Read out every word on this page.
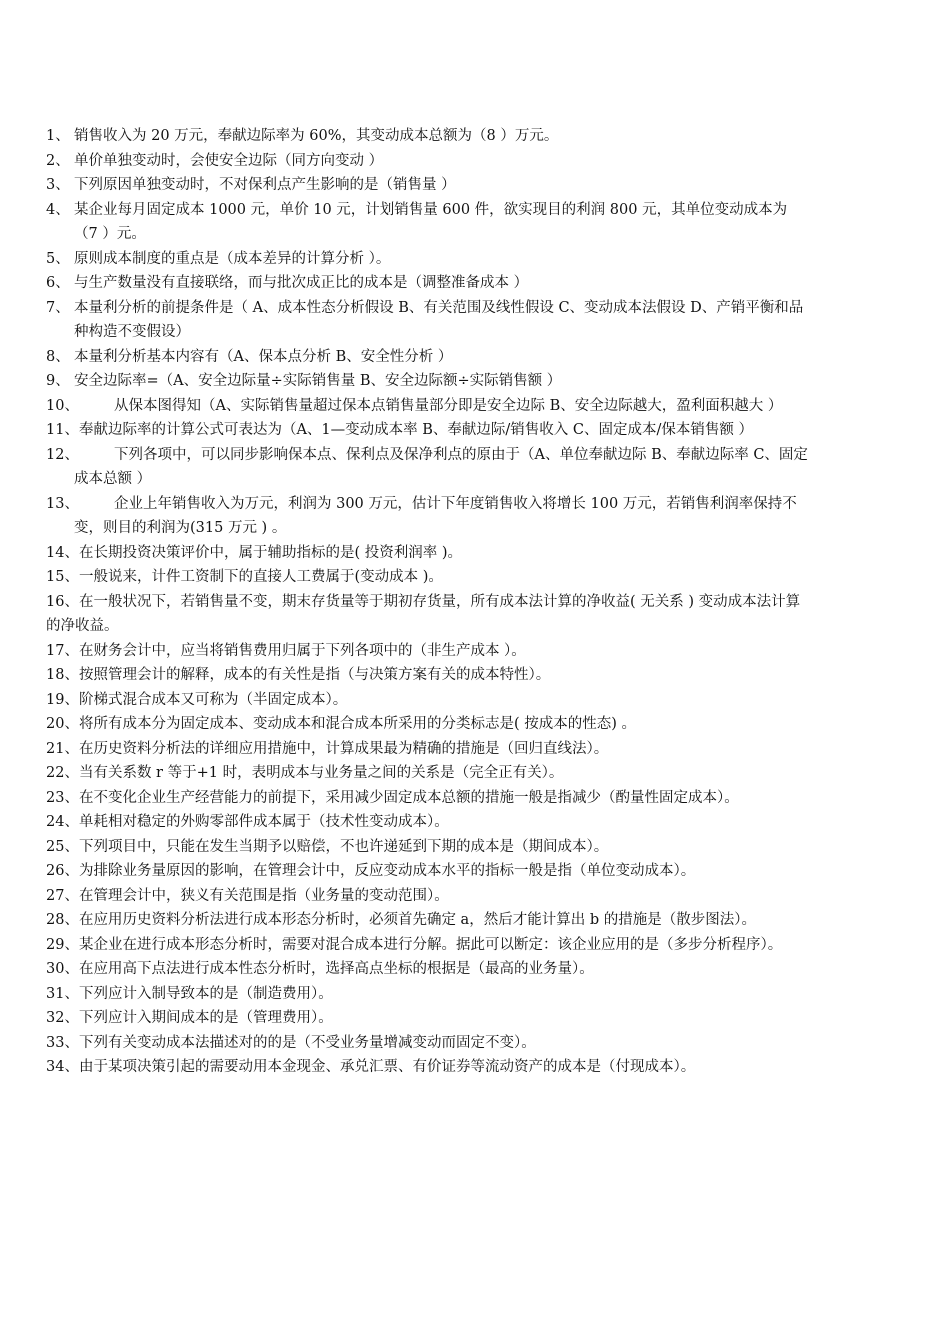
1、 销售收入为 20 万元，奉献边际率为 60%，其变动成本总额为（8 ）万元。

2、 单价单独变动时，会使安全边际（同方向变动 ）

3、 下列原因单独变动时，不对保利点产生影响的是（销售量 ）

4、 某企业每月固定成本 1000 元，单价 10 元，计划销售量 600 件，欲实现目的利润 800 元，其单位变动成本为（7 ）元。

5、 原则成本制度的重点是（成本差异的计算分析 ）。

6、 与生产数量没有直接联络，而与批次成正比的成本是（调整准备成本 ）

7、 本量利分析的前提条件是（ A、成本性态分析假设 B、有关范围及线性假设 C、变动成本法假设 D、产销平衡和品种构造不变假设）

8、 本量利分析基本内容有（A、保本点分析 B、安全性分析 ）

9、 安全边际率=（A、安全边际量÷实际销售量 B、安全边际额÷实际销售额 ）

10、 从保本图得知（A、实际销售量超过保本点销售量部分即是安全边际 B、安全边际越大，盈利面积越大 ）

11、奉献边际率的计算公式可表达为（A、1—变动成本率 B、奉献边际/销售收入 C、固定成本/保本销售额 ）

12、 下列各项中，可以同步影响保本点、保利点及保净利点的原由于（A、单位奉献边际 B、奉献边际率 C、固定成本总额 ）

13、 企业上年销售收入为万元，利润为 300 万元，估计下年度销售收入将增长 100 万元，若销售利润率保持不变，则目的利润为(315 万元 ) 。

14、在长期投资决策评价中，属于辅助指标的是( 投资利润率 )。

15、一般说来，计件工资制下的直接人工费属于(变动成本 )。

16、在一般状况下，若销售量不变，期末存货量等于期初存货量，所有成本法计算的净收益( 无关系 ) 变动成本法计算的净收益。

17、在财务会计中，应当将销售费用归属于下列各项中的（非生产成本 ）。

18、按照管理会计的解释，成本的有关性是指（与决策方案有关的成本特性）。

19、阶梯式混合成本又可称为（半固定成本）。

20、将所有成本分为固定成本、变动成本和混合成本所采用的分类标志是( 按成本的性态) 。

21、在历史资料分析法的详细应用措施中，计算成果最为精确的措施是（回归直线法）。

22、当有关系数 r 等于+1 时，表明成本与业务量之间的关系是（完全正有关）。

23、在不变化企业生产经营能力的前提下，采用减少固定成本总额的措施一般是指减少（酌量性固定成本）。

24、单耗相对稳定的外购零部件成本属于（技术性变动成本）。

25、下列项目中，只能在发生当期予以赔偿，不也许递延到下期的成本是（期间成本）。

26、为排除业务量原因的影响，在管理会计中，反应变动成本水平的指标一般是指（单位变动成本）。

27、在管理会计中，狭义有关范围是指（业务量的变动范围）。

28、在应用历史资料分析法进行成本形态分析时，必须首先确定 a，然后才能计算出 b 的措施是（散步图法）。

29、某企业在进行成本形态分析时，需要对混合成本进行分解。据此可以断定：该企业应用的是（多步分析程序）。

30、在应用高下点法进行成本性态分析时，选择高点坐标的根据是（最高的业务量）。

31、下列应计入制导致本的是（制造费用）。

32、下列应计入期间成本的是（管理费用）。

33、下列有关变动成本法描述对的的是（不受业务量增减变动而固定不变）。

34、由于某项决策引起的需要动用本金现金、承兑汇票、有价证券等流动资产的成本是（付现成本）。
